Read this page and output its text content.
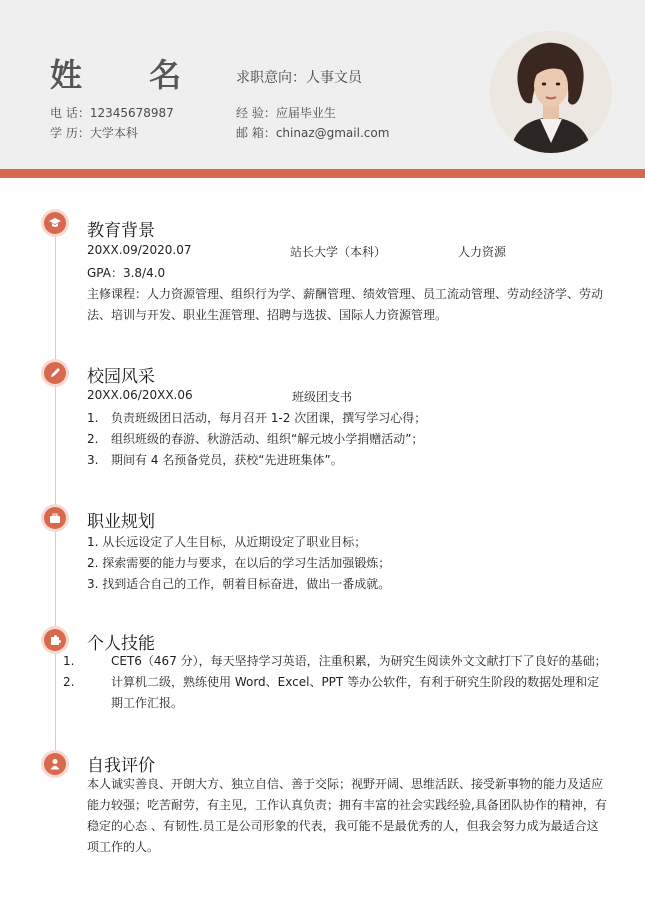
姓 名 求职意向：人事文员
电 话：12345678987
学 历：大学本科
经 验：应届毕业生
邮 箱：chinaz@gmail.com
教育背景
20XX.09/2020.07	站长大学（本科）	人力资源
GPA：3.8/4.0
主修课程：人力资源管理、组织行为学、薪酬管理、绩效管理、员工流动管理、劳动经济学、劳动
法、培训与开发、职业生涯管理、招聘与选拔、国际人力资源管理。
校园风采
20XX.06/20XX.06	班级团支书
1. 负责班级团日活动，每月召开 1-2 次团课，撰写学习心得；
2. 组织班级的春游、秋游活动、组织“解元坡小学捐赠活动”；
3. 期间有 4 名预备党员，获校“先进班集体”。
职业规划
1. 从长远设定了人生目标，从近期设定了职业目标；
2. 探索需要的能力与要求，在以后的学习生活加强锻炼；
3. 找到适合自己的工作，朝着目标奋进，做出一番成就。
个人技能
1.	CET6（467 分），每天坚持学习英语，注重积累，为研究生阅读外文文献打下了良好的基础；
2.	计算机二级，熟练使用 Word、Excel、PPT 等办公软件，有利于研究生阶段的数据处理和定期工作汇报。
自我评价
本人诚实善良、开朗大方、独立自信、善于交际；视野开阔、思维活跃、接受新事物的能力及适应能力较强；吃苦耐劳，有主见，工作认真负责；拥有丰富的社会实践经验,具备团队协作的精神，有稳定的心态 、有韧性.员工是公司形象的代表，我可能不是最优秀的人，但我会努力成为最适合这项工作的人。
